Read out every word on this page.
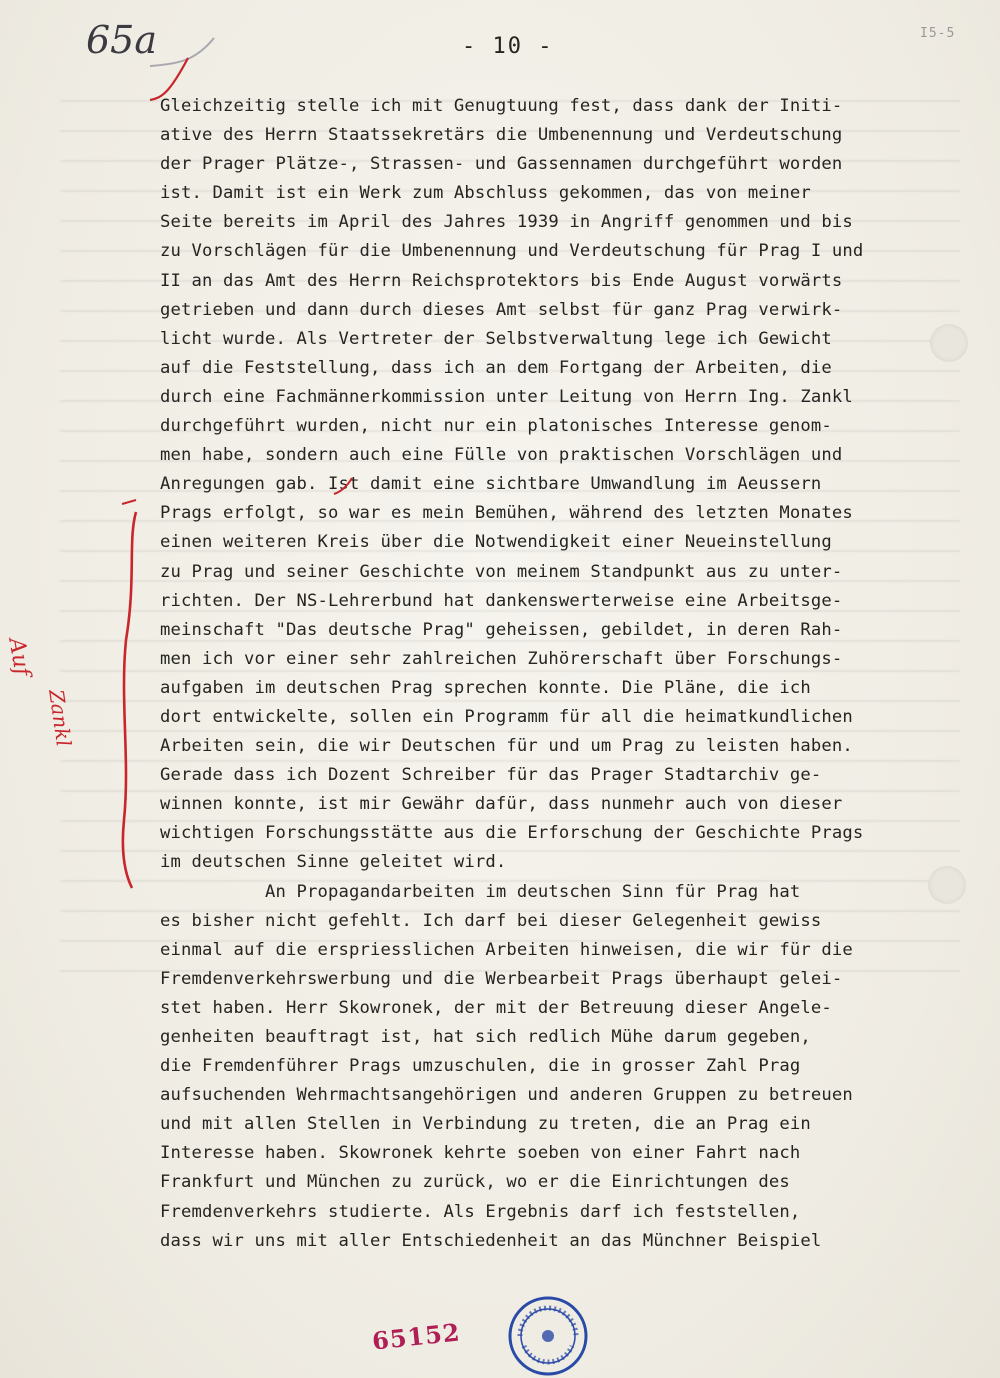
65a	- 10 -
I5-5
Gleichzeitig stelle ich mit Genugtuung fest, dass dank der Initi-
ative des Herrn Staatssekretärs die Umbenennung und Verdeutschung
der Prager Plätze-, Strassen- und Gassennamen durchgeführt worden
ist. Damit ist ein Werk zum Abschluss gekommen, das von meiner
Seite bereits im April des Jahres 1939 in Angriff genommen und bis
zu Vorschlägen für die Umbenennung und Verdeutschung für Prag I und
II an das Amt des Herrn Reichsprotektors bis Ende August vorwärts
getrieben und dann durch dieses Amt selbst für ganz Prag verwirk-
licht wurde. Als Vertreter der Selbstverwaltung lege ich Gewicht
auf die Feststellung, dass ich an dem Fortgang der Arbeiten, die
durch eine Fachmännerkommission unter Leitung von Herrn Ing. Zankl
durchgeführt wurden, nicht nur ein platonisches Interesse genom-
men habe, sondern auch eine Fülle von praktischen Vorschlägen und
Anregungen gab. Ist damit eine sichtbare Umwandlung im Aeussern
Prags erfolgt, so war es mein Bemühen, während des letzten Monates
einen weiteren Kreis über die Notwendigkeit einer Neueinstellung
zu Prag und seiner Geschichte von meinem Standpunkt aus zu unter-
richten. Der NS-Lehrerbund hat dankenswerterweise eine Arbeitsge-
meinschaft "Das deutsche Prag" geheissen, gebildet, in deren Rah-
men ich vor einer sehr zahlreichen Zuhörerschaft über Forschungs-
aufgaben im deutschen Prag sprechen konnte. Die Pläne, die ich
dort entwickelte, sollen ein Programm für all die heimatkundlichen
Arbeiten sein, die wir Deutschen für und um Prag zu leisten haben.
Gerade dass ich Dozent Schreiber für das Prager Stadtarchiv ge-
winnen konnte, ist mir Gewähr dafür, dass nunmehr auch von dieser
wichtigen Forschungsstätte aus die Erforschung der Geschichte Prags
im deutschen Sinne geleitet wird.
An Propagandarbeiten im deutschen Sinn für Prag hat
es bisher nicht gefehlt. Ich darf bei dieser Gelegenheit gewiss
einmal auf die erspriesslichen Arbeiten hinweisen, die wir für die
Fremdenverkehrswerbung und die Werbearbeit Prags überhaupt gelei-
stet haben. Herr Skowronek, der mit der Betreuung dieser Angele-
genheiten beauftragt ist, hat sich redlich Mühe darum gegeben,
die Fremdenführer Prags umzuschulen, die in grosser Zahl Prag
aufsuchenden Wehrmachtsangehörigen und anderen Gruppen zu betreuen
und mit allen Stellen in Verbindung zu treten, die an Prag ein
Interesse haben. Skowronek kehrte soeben von einer Fahrt nach
Frankfurt und München zu zurück, wo er die Einrichtungen des
Fremdenverkehrs studierte. Als Ergebnis darf ich feststellen,
dass wir uns mit aller Entschiedenheit an das Münchner Beispiel
Auf
Zankl
65152
